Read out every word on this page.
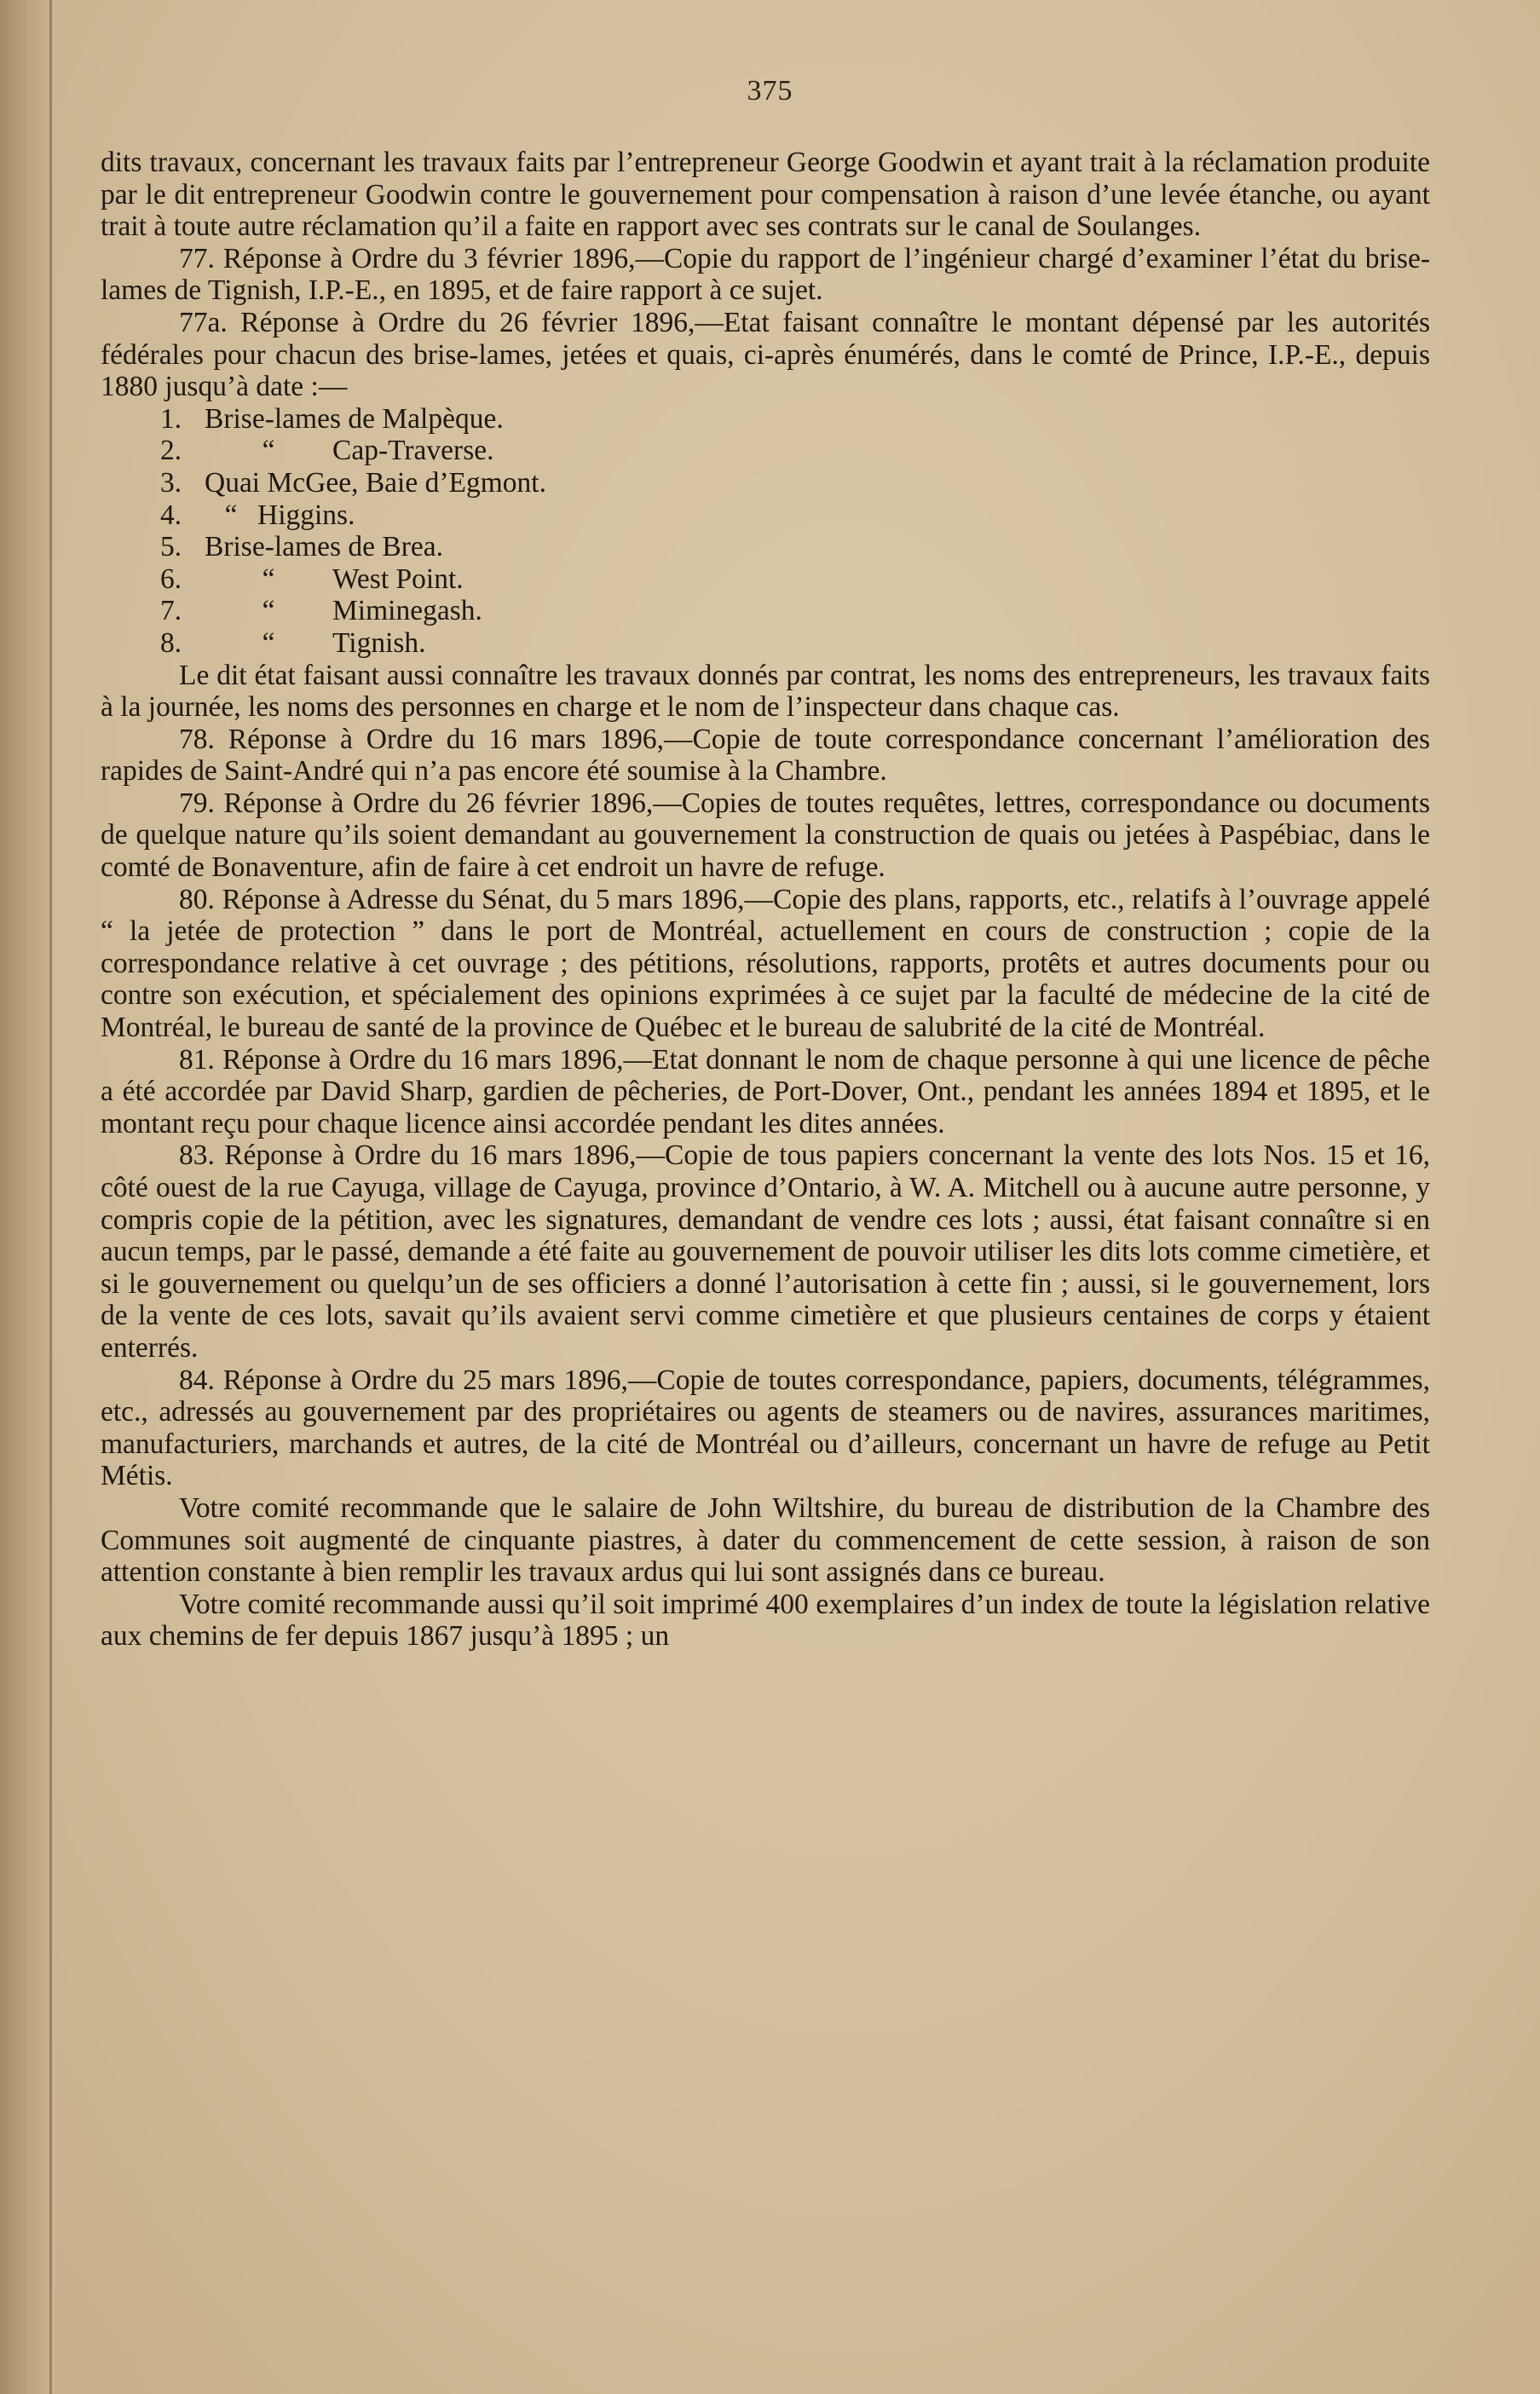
375

dits travaux, concernant les travaux faits par l’entrepreneur George Goodwin et ayant trait à la réclamation produite par le dit entrepreneur Goodwin contre le gouvernement pour compensation à raison d’une levée étanche, ou ayant trait à toute autre réclamation qu’il a faite en rapport avec ses contrats sur le canal de Soulanges.

77. Réponse à Ordre du 3 février 1896,—Copie du rapport de l’ingénieur chargé d’examiner l’état du brise-lames de Tignish, I.P.-E., en 1895, et de faire rapport à ce sujet.

77a. Réponse à Ordre du 26 février 1896,—Etat faisant connaître le montant dépensé par les autorités fédérales pour chacun des brise-lames, jetées et quais, ci-après énumérés, dans le comté de Prince, I.P.-E., depuis 1880 jusqu’à date :—

1. Brise-lames de Malpèque.
2.	“	Cap-Traverse.
3. Quai McGee, Baie d’Egmont.
4.	“ Higgins.
5. Brise-lames de Brea.
6.	“	West Point.
7.	“	Miminegash.
8.	“	Tignish.

Le dit état faisant aussi connaître les travaux donnés par contrat, les noms des entrepreneurs, les travaux faits à la journée, les noms des personnes en charge et le nom de l’inspecteur dans chaque cas.

78. Réponse à Ordre du 16 mars 1896,—Copie de toute correspondance concernant l’amélioration des rapides de Saint-André qui n’a pas encore été soumise à la Chambre.

79. Réponse à Ordre du 26 février 1896,—Copies de toutes requêtes, lettres, correspondance ou documents de quelque nature qu’ils soient demandant au gouvernement la construction de quais ou jetées à Paspébiac, dans le comté de Bonaventure, afin de faire à cet endroit un havre de refuge.

80. Réponse à Adresse du Sénat, du 5 mars 1896,—Copie des plans, rapports, etc., relatifs à l’ouvrage appelé “ la jetée de protection ” dans le port de Montréal, actuellement en cours de construction ; copie de la correspondance relative à cet ouvrage ; des pétitions, résolutions, rapports, protêts et autres documents pour ou contre son exécution, et spécialement des opinions exprimées à ce sujet par la faculté de médecine de la cité de Montréal, le bureau de santé de la province de Québec et le bureau de salubrité de la cité de Montréal.

81. Réponse à Ordre du 16 mars 1896,—Etat donnant le nom de chaque personne à qui une licence de pêche a été accordée par David Sharp, gardien de pêcheries, de Port-Dover, Ont., pendant les années 1894 et 1895, et le montant reçu pour chaque licence ainsi accordée pendant les dites années.

83. Réponse à Ordre du 16 mars 1896,—Copie de tous papiers concernant la vente des lots Nos. 15 et 16, côté ouest de la rue Cayuga, village de Cayuga, province d’Ontario, à W. A. Mitchell ou à aucune autre personne, y compris copie de la pétition, avec les signatures, demandant de vendre ces lots ; aussi, état faisant connaître si en aucun temps, par le passé, demande a été faite au gouvernement de pouvoir utiliser les dits lots comme cimetière, et si le gouvernement ou quelqu’un de ses officiers a donné l’autorisation à cette fin ; aussi, si le gouvernement, lors de la vente de ces lots, savait qu’ils avaient servi comme cimetière et que plusieurs centaines de corps y étaient enterrés.

84. Réponse à Ordre du 25 mars 1896,—Copie de toutes correspondance, papiers, documents, télégrammes, etc., adressés au gouvernement par des propriétaires ou agents de steamers ou de navires, assurances maritimes, manufacturiers, marchands et autres, de la cité de Montréal ou d’ailleurs, concernant un havre de refuge au Petit Métis.

Votre comité recommande que le salaire de John Wiltshire, du bureau de distribution de la Chambre des Communes soit augmenté de cinquante piastres, à dater du commencement de cette session, à raison de son attention constante à bien remplir les travaux ardus qui lui sont assignés dans ce bureau.

Votre comité recommande aussi qu’il soit imprimé 400 exemplaires d’un index de toute la législation relative aux chemins de fer depuis 1867 jusqu’à 1895 ; un
